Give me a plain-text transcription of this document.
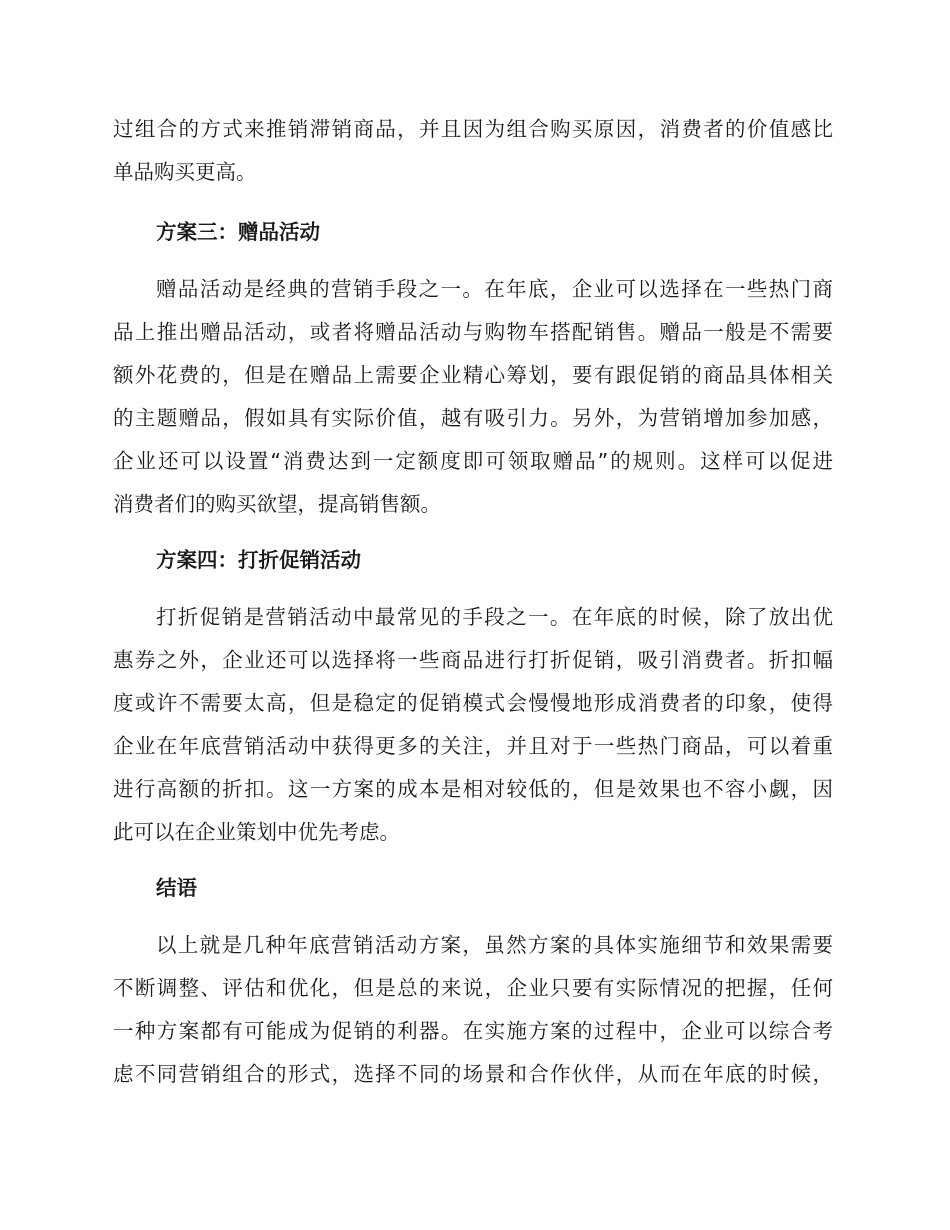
过组合的方式来推销滞销商品，并且因为组合购买原因，消费者的价值感比
单品购买更高。
方案三：赠品活动
赠品活动是经典的营销手段之一。在年底，企业可以选择在一些热门商
品上推出赠品活动，或者将赠品活动与购物车搭配销售。赠品一般是不需要
额外花费的，但是在赠品上需要企业精心筹划，要有跟促销的商品具体相关
的主题赠品，假如具有实际价值，越有吸引力。另外，为营销增加参加感，
企业还可以设置“消费达到一定额度即可领取赠品”的规则。这样可以促进
消费者们的购买欲望，提高销售额。
方案四：打折促销活动
打折促销是营销活动中最常见的手段之一。在年底的时候，除了放出优
惠券之外，企业还可以选择将一些商品进行打折促销，吸引消费者。折扣幅
度或许不需要太高，但是稳定的促销模式会慢慢地形成消费者的印象，使得
企业在年底营销活动中获得更多的关注，并且对于一些热门商品，可以着重
进行高额的折扣。这一方案的成本是相对较低的，但是效果也不容小觑，因
此可以在企业策划中优先考虑。
结语
以上就是几种年底营销活动方案，虽然方案的具体实施细节和效果需要
不断调整、评估和优化，但是总的来说，企业只要有实际情况的把握，任何
一种方案都有可能成为促销的利器。在实施方案的过程中，企业可以综合考
虑不同营销组合的形式，选择不同的场景和合作伙伴，从而在年底的时候，
